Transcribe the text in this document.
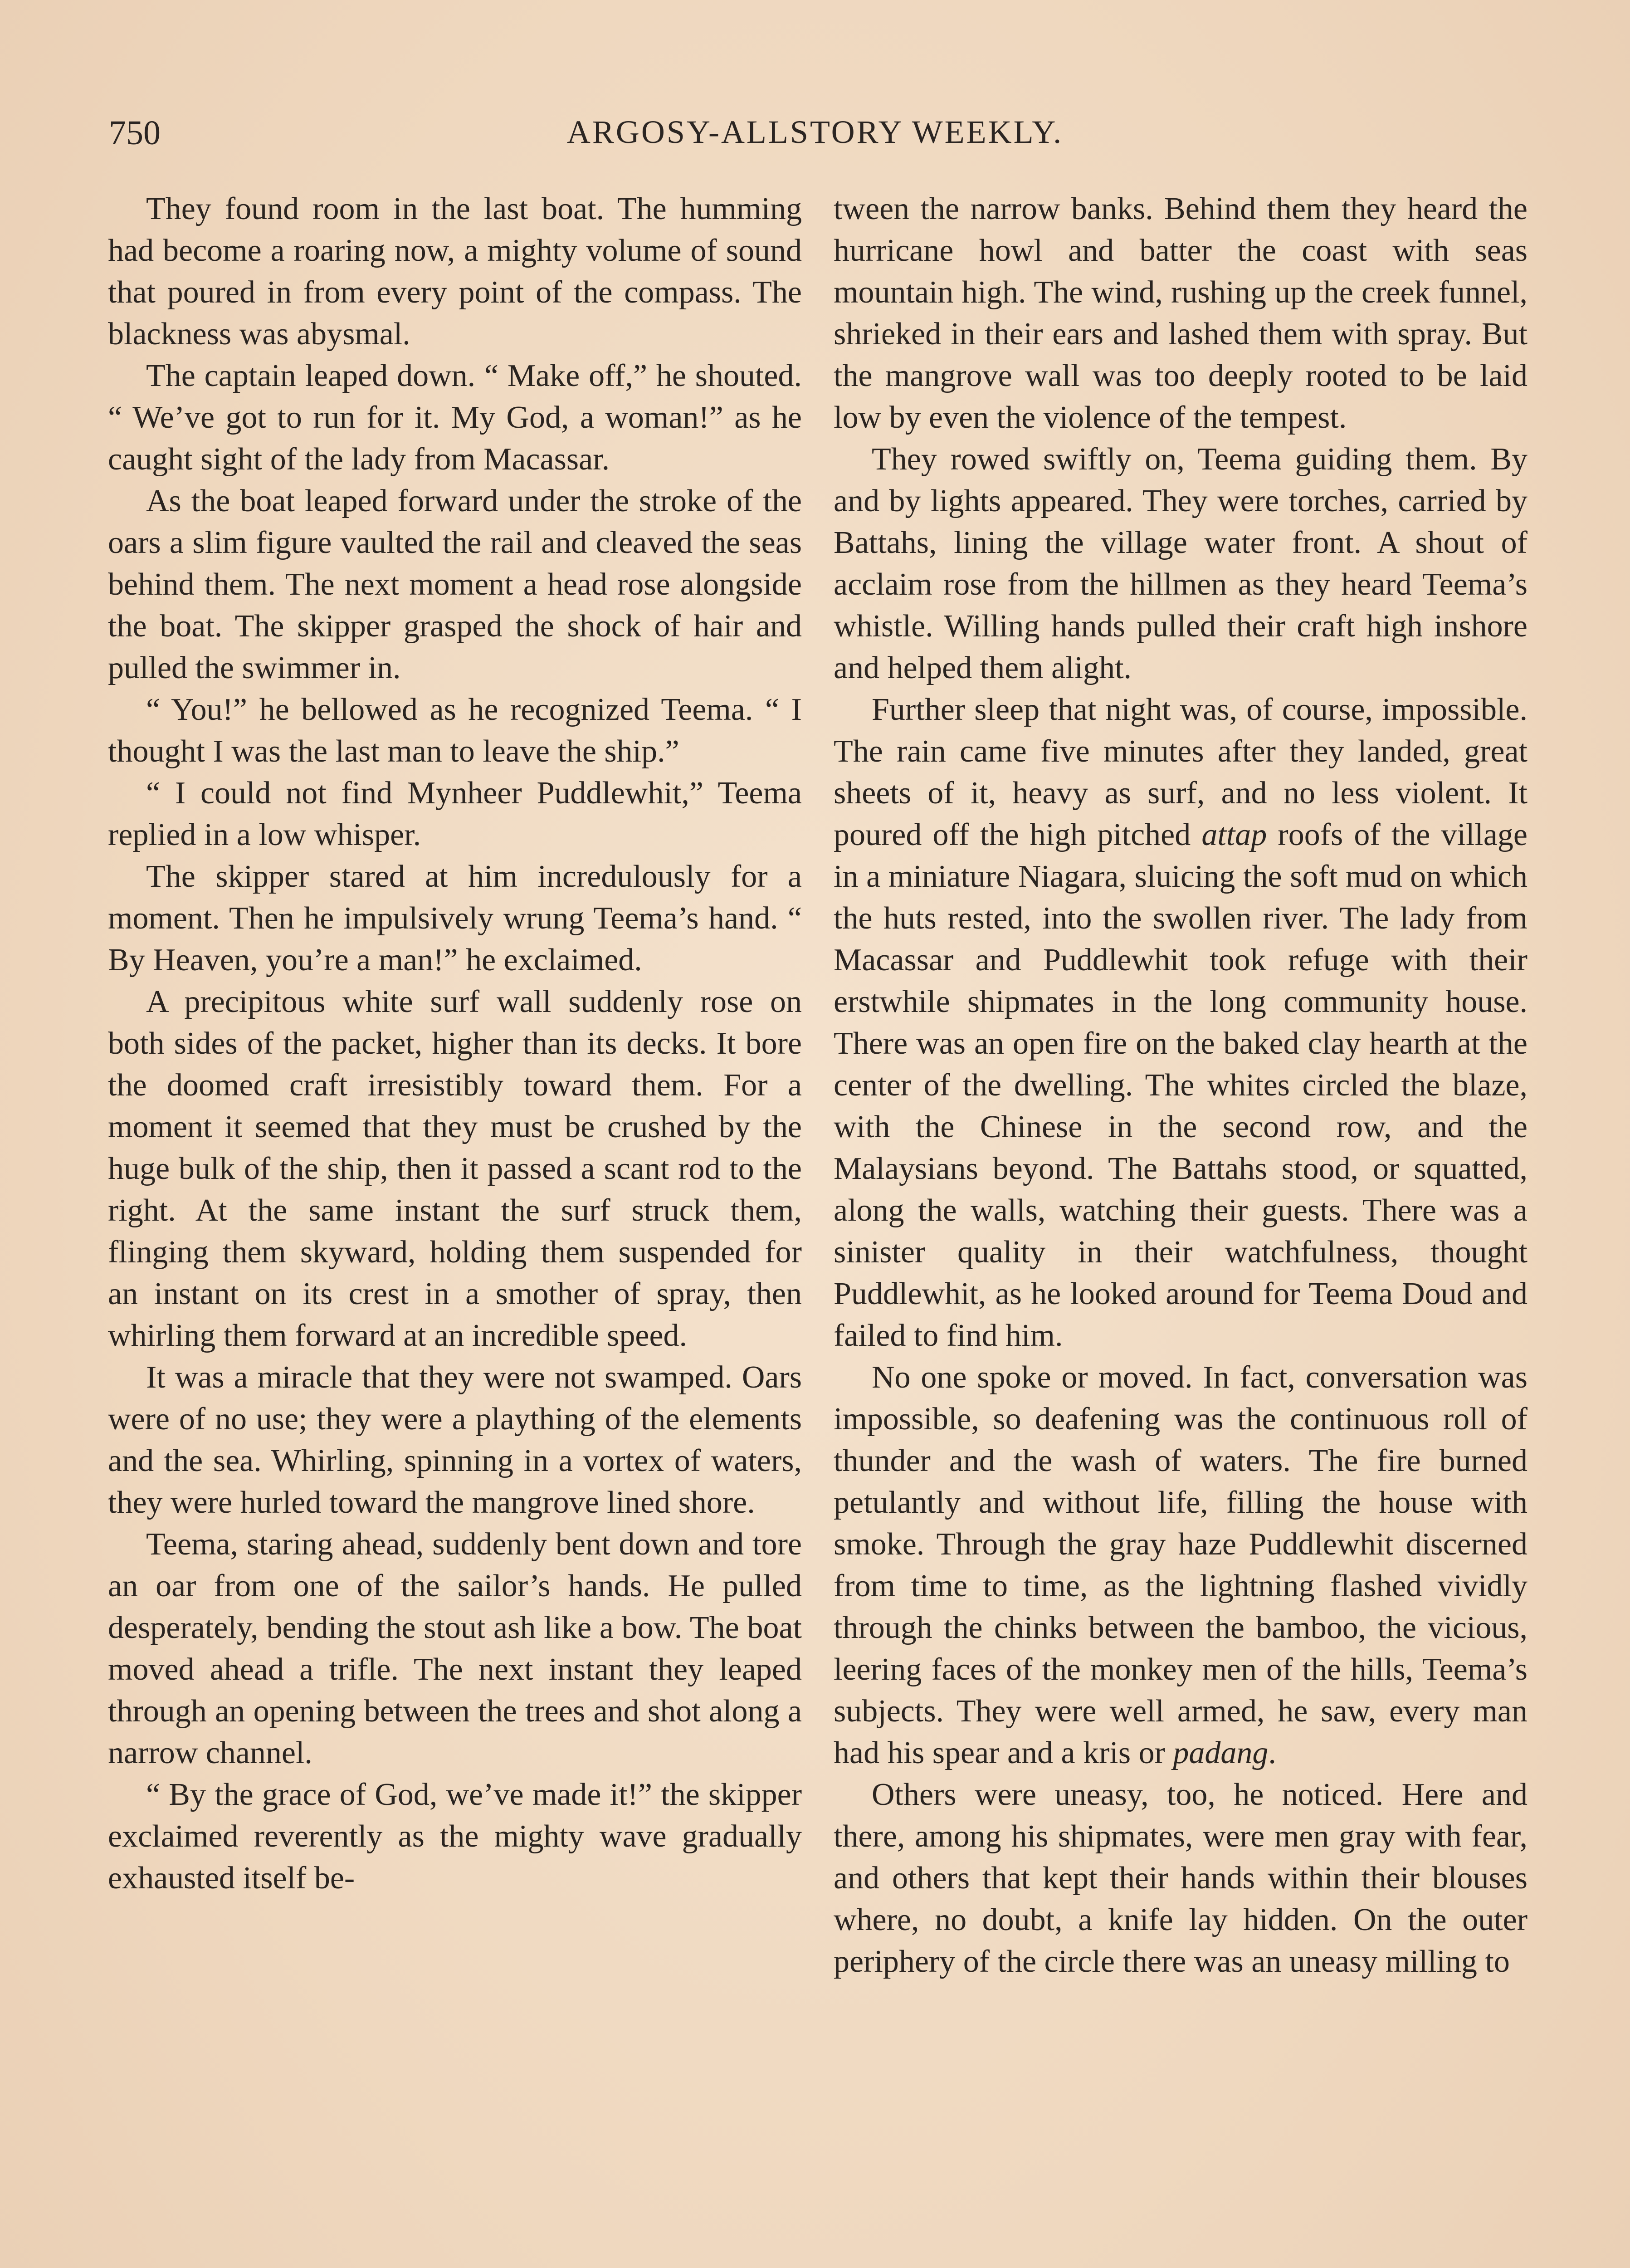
750	ARGOSY-ALLSTORY WEEKLY.

They found room in the last boat. The humming had become a roaring now, a mighty volume of sound that poured in from every point of the compass. The blackness was abysmal.

The captain leaped down. “ Make off,” he shouted. “ We’ve got to run for it. My God, a woman!” as he caught sight of the lady from Macassar.

As the boat leaped forward under the stroke of the oars a slim figure vaulted the rail and cleaved the seas behind them. The next moment a head rose alongside the boat. The skipper grasped the shock of hair and pulled the swimmer in.

“ You!” he bellowed as he recognized Teema. “ I thought I was the last man to leave the ship.”

“ I could not find Mynheer Puddlewhit,” Teema replied in a low whisper.

The skipper stared at him incredulously for a moment. Then he impulsively wrung Teema’s hand. “ By Heaven, you’re a man!” he exclaimed.

A precipitous white surf wall suddenly rose on both sides of the packet, higher than its decks. It bore the doomed craft irresistibly toward them. For a moment it seemed that they must be crushed by the huge bulk of the ship, then it passed a scant rod to the right. At the same instant the surf struck them, flinging them skyward, holding them suspended for an instant on its crest in a smother of spray, then whirling them forward at an incredible speed.

It was a miracle that they were not swamped. Oars were of no use; they were a plaything of the elements and the sea. Whirling, spinning in a vortex of waters, they were hurled toward the mangrove lined shore.

Teema, staring ahead, suddenly bent down and tore an oar from one of the sailor’s hands. He pulled desperately, bending the stout ash like a bow. The boat moved ahead a trifle. The next instant they leaped through an opening between the trees and shot along a narrow channel.

“ By the grace of God, we’ve made it!” the skipper exclaimed reverently as the mighty wave gradually exhausted itself be-

tween the narrow banks. Behind them they heard the hurricane howl and batter the coast with seas mountain high. The wind, rushing up the creek funnel, shrieked in their ears and lashed them with spray. But the mangrove wall was too deeply rooted to be laid low by even the violence of the tempest.

They rowed swiftly on, Teema guiding them. By and by lights appeared. They were torches, carried by Battahs, lining the village water front. A shout of acclaim rose from the hillmen as they heard Teema’s whistle. Willing hands pulled their craft high inshore and helped them alight.

Further sleep that night was, of course, impossible. The rain came five minutes after they landed, great sheets of it, heavy as surf, and no less violent. It poured off the high pitched attap roofs of the village in a miniature Niagara, sluicing the soft mud on which the huts rested, into the swollen river. The lady from Macassar and Puddlewhit took refuge with their erstwhile shipmates in the long community house. There was an open fire on the baked clay hearth at the center of the dwelling. The whites circled the blaze, with the Chinese in the second row, and the Malaysians beyond. The Battahs stood, or squatted, along the walls, watching their guests. There was a sinister quality in their watchfulness, thought Puddlewhit, as he looked around for Teema Doud and failed to find him.

No one spoke or moved. In fact, conversation was impossible, so deafening was the continuous roll of thunder and the wash of waters. The fire burned petulantly and without life, filling the house with smoke. Through the gray haze Puddlewhit discerned from time to time, as the lightning flashed vividly through the chinks between the bamboo, the vicious, leering faces of the monkey men of the hills, Teema’s subjects. They were well armed, he saw, every man had his spear and a kris or padang.

Others were uneasy, too, he noticed. Here and there, among his shipmates, were men gray with fear, and others that kept their hands within their blouses where, no doubt, a knife lay hidden. On the outer periphery of the circle there was an uneasy milling to
